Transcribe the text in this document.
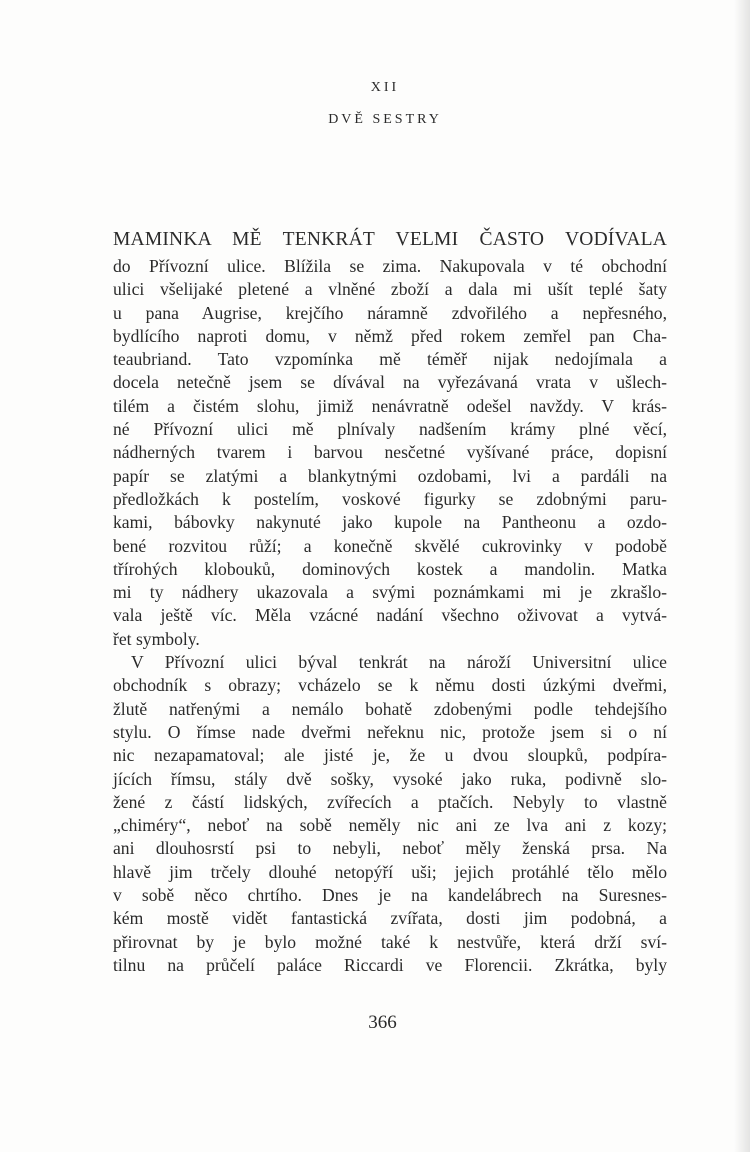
XII
DVĚ SESTRY
MAMINKA MĚ TENKRÁT VELMI ČASTO VODÍVALA
do Přívozní ulice. Blížila se zima. Nakupovala v té obchodní
ulici všelijaké pletené a vlněné zboží a dala mi ušít teplé šaty
u pana Augrise, krejčího náramně zdvořilého a nepřesného,
bydlícího naproti domu, v němž před rokem zemřel pan Cha-
teaubriand. Tato vzpomínka mě téměř nijak nedojímala a
docela netečně jsem se dívával na vyřezávaná vrata v ušlech-
tilém a čistém slohu, jimiž nenávratně odešel navždy. V krás-
né Přívozní ulici mě plnívaly nadšením krámy plné věcí,
nádherných tvarem i barvou nesčetné vyšívané práce, dopisní
papír se zlatými a blankytnými ozdobami, lvi a pardáli na
předložkách k postelím, voskové figurky se zdobnými paru-
kami, bábovky nakynuté jako kupole na Pantheonu a ozdo-
bené rozvitou růží; a konečně skvělé cukrovinky v podobě
třírohých klobouků, dominových kostek a mandolin. Matka
mi ty nádhery ukazovala a svými poznámkami mi je zkrašlo-
vala ještě víc. Měla vzácné nadání všechno oživovat a vytvá-
řet symboly.
V Přívozní ulici býval tenkrát na nároží Universitní ulice
obchodník s obrazy; vcházelo se k němu dosti úzkými dveřmi,
žlutě natřenými a nemálo bohatě zdobenými podle tehdejšího
stylu. O římse nade dveřmi neřeknu nic, protože jsem si o ní
nic nezapamatoval; ale jisté je, že u dvou sloupků, podpíra-
jících římsu, stály dvě sošky, vysoké jako ruka, podivně slo-
žené z částí lidských, zvířecích a ptačích. Nebyly to vlastně
„chiméry“, neboť na sobě neměly nic ani ze lva ani z kozy;
ani dlouhosrstí psi to nebyli, neboť měly ženská prsa. Na
hlavě jim trčely dlouhé netopýří uši; jejich protáhlé tělo mělo
v sobě něco chrtího. Dnes je na kandelábrech na Suresnes-
kém mostě vidět fantastická zvířata, dosti jim podobná, a
přirovnat by je bylo možné také k nestvůře, která drží sví-
tilnu na průčelí paláce Riccardi ve Florencii. Zkrátka, byly
366
